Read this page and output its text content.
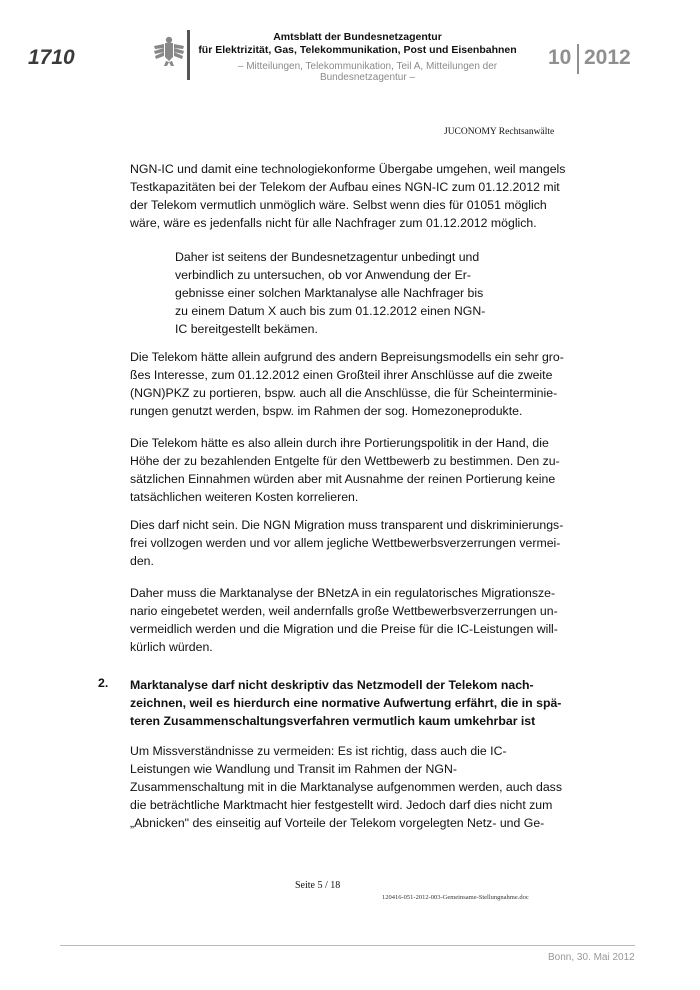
1710
Amtsblatt der Bundesnetzagentur
für Elektrizität, Gas, Telekommunikation, Post und Eisenbahnen
– Mitteilungen, Telekommunikation, Teil A, Mitteilungen der Bundesnetzagentur –
10 2012
JUCONOMY Rechtsanwälte
NGN-IC und damit eine technologiekonforme Übergabe umgehen, weil mangels
Testkapazitäten bei der Telekom der Aufbau eines NGN-IC zum 01.12.2012 mit
der Telekom vermutlich unmöglich wäre. Selbst wenn dies für 01051 möglich
wäre, wäre es jedenfalls nicht für alle Nachfrager zum 01.12.2012 möglich.
Daher ist seitens der Bundesnetzagentur unbedingt und
verbindlich zu untersuchen, ob vor Anwendung der Er-
gebnisse einer solchen Marktanalyse alle Nachfrager bis
zu einem Datum X auch bis zum 01.12.2012 einen NGN-
IC bereitgestellt bekämen.
Die Telekom hätte allein aufgrund des andern Bepreisungsmodells ein sehr gro-
ßes Interesse, zum 01.12.2012 einen Großteil ihrer Anschlüsse auf die zweite
(NGN)PKZ zu portieren, bspw. auch all die Anschlüsse, die für Scheinterminie-
rungen genutzt werden, bspw. im Rahmen der sog. Homezoneprodukte.
Die Telekom hätte es also allein durch ihre Portierungspolitik in der Hand, die
Höhe der zu bezahlenden Entgelte für den Wettbewerb zu bestimmen. Den zu-
sätzlichen Einnahmen würden aber mit Ausnahme der reinen Portierung keine
tatsächlichen weiteren Kosten korrelieren.
Dies darf nicht sein. Die NGN Migration muss transparent und diskriminierungs-
frei vollzogen werden und vor allem jegliche Wettbewerbsverzerrungen vermei-
den.
Daher muss die Marktanalyse der BNetzA in ein regulatorisches Migrationsze-
nario eingebetet werden, weil andernfalls große Wettbewerbsverzerrungen un-
vermeidlich werden und die Migration und die Preise für die IC-Leistungen will-
kürlich würden.
2. Marktanalyse darf nicht deskriptiv das Netzmodell der Telekom nach-
zeichnen, weil es hierdurch eine normative Aufwertung erfährt, die in spä-
teren Zusammenschaltungsverfahren vermutlich kaum umkehrbar ist
Um Missverständnisse zu vermeiden: Es ist richtig, dass auch die IC-
Leistungen wie Wandlung und Transit im Rahmen der NGN-
Zusammenschaltung mit in die Marktanalyse aufgenommen werden, auch dass
die beträchtliche Marktmacht hier festgestellt wird. Jedoch darf dies nicht zum
„Abnicken" des einseitig auf Vorteile der Telekom vorgelegten Netz- und Ge-
Seite 5 / 18
120416-051-2012-003-Gemeinsame-Stellungnahme.doc
Bonn, 30. Mai 2012
